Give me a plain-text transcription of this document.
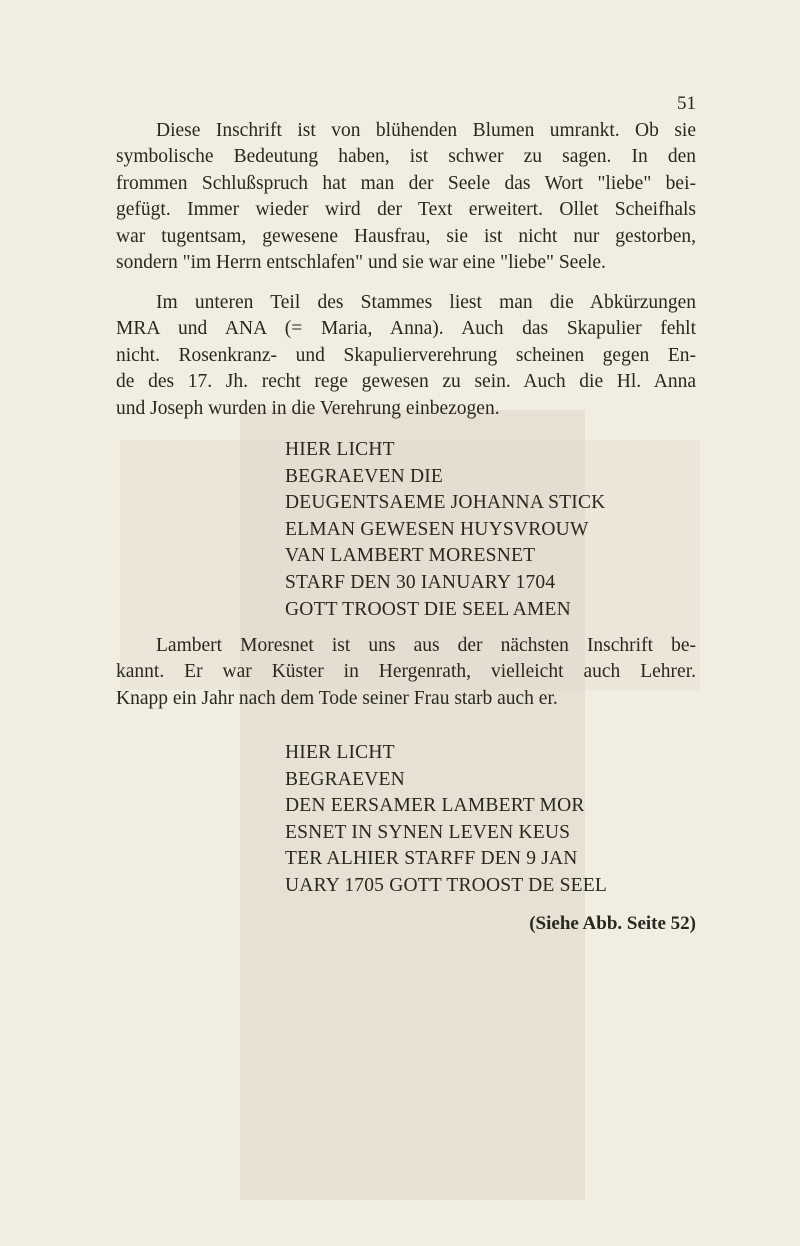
51
Diese Inschrift ist von blühenden Blumen umrankt. Ob sie
symbolische Bedeutung haben, ist schwer zu sagen. In den
frommen Schlußspruch hat man der Seele das Wort "liebe" bei-
gefügt. Immer wieder wird der Text erweitert. Ollet Scheifhals
war tugentsam, gewesene Hausfrau, sie ist nicht nur gestorben,
sondern "im Herrn entschlafen" und sie war eine "liebe" Seele.
Im unteren Teil des Stammes liest man die Abkürzungen
MRA und ANA (= Maria, Anna). Auch das Skapulier fehlt
nicht. Rosenkranz- und Skapulierverehrung scheinen gegen En-
de des 17. Jh. recht rege gewesen zu sein. Auch die Hl. Anna
und Joseph wurden in die Verehrung einbezogen.
HIER LICHT
BEGRAEVEN DIE
DEUGENTSAEME JOHANNA STICK
ELMAN GEWESEN HUYSVROUW
VAN LAMBERT MORESNET
STARF DEN 30 IANUARY 1704
GOTT TROOST DIE SEEL AMEN
Lambert Moresnet ist uns aus der nächsten Inschrift be-
kannt. Er war Küster in Hergenrath, vielleicht auch Lehrer.
Knapp ein Jahr nach dem Tode seiner Frau starb auch er.
HIER LICHT
BEGRAEVEN
DEN EERSAMER LAMBERT MOR
ESNET IN SYNEN LEVEN KEUS
TER ALHIER STARFF DEN 9 JAN
UARY 1705 GOTT TROOST DE SEEL
(Siehe Abb. Seite 52)
